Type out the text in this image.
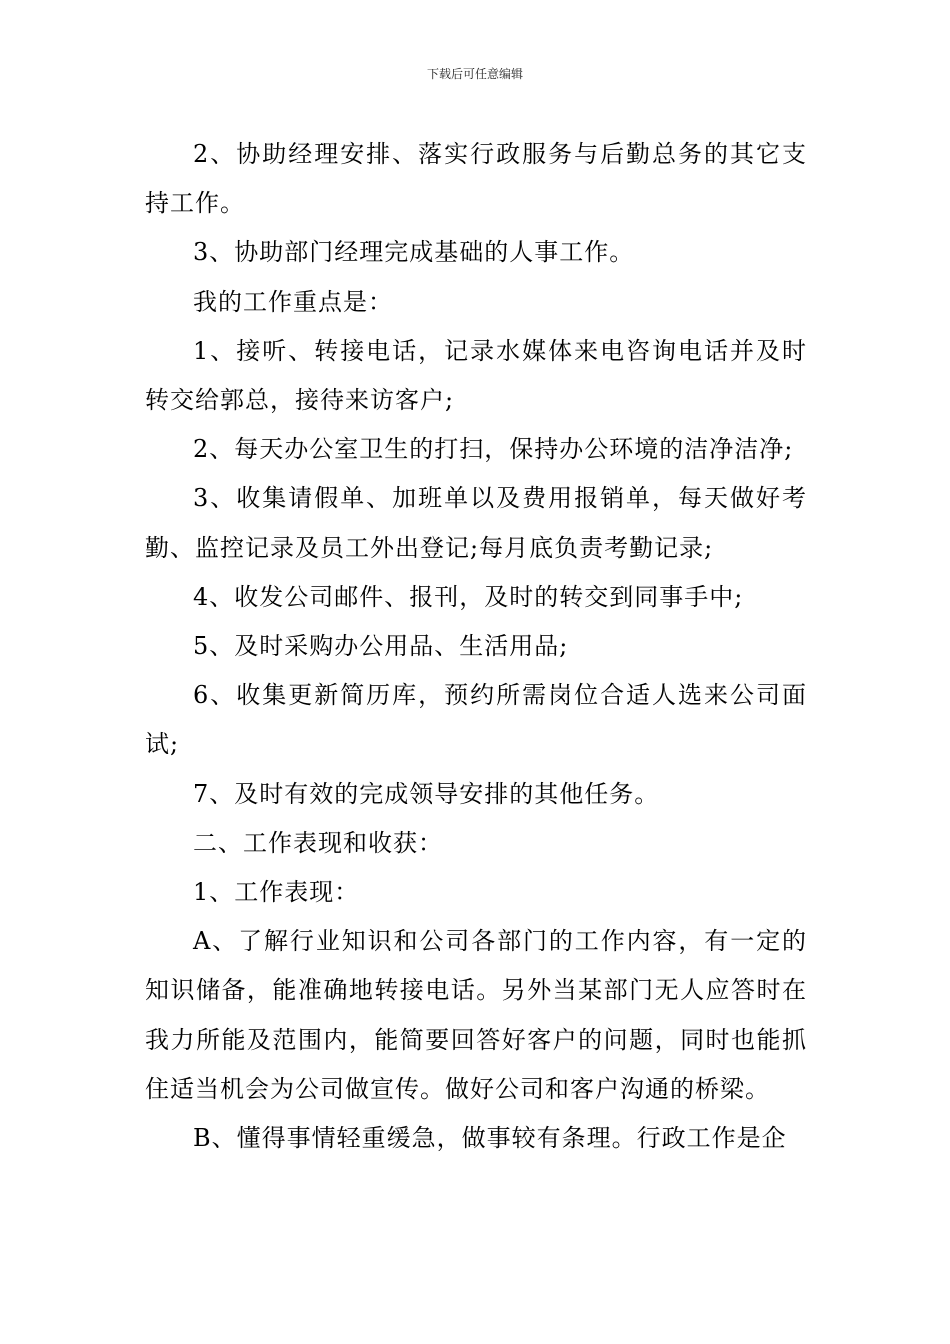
下载后可任意编辑

2、协助经理安排、落实行政服务与后勤总务的其它支持工作。

3、协助部门经理完成基础的人事工作。

我的工作重点是：

1、接听、转接电话，记录水媒体来电咨询电话并及时转交给郭总，接待来访客户;

2、每天办公室卫生的打扫，保持办公环境的洁净洁净;

3、收集请假单、加班单以及费用报销单，每天做好考勤、监控记录及员工外出登记;每月底负责考勤记录;

4、收发公司邮件、报刊，及时的转交到同事手中;

5、及时采购办公用品、生活用品;

6、收集更新简历库，预约所需岗位合适人选来公司面试;

7、及时有效的完成领导安排的其他任务。

二、工作表现和收获：

1、工作表现：

A、了解行业知识和公司各部门的工作内容，有一定的知识储备，能准确地转接电话。另外当某部门无人应答时在我力所能及范围内，能简要回答好客户的问题，同时也能抓住适当机会为公司做宣传。做好公司和客户沟通的桥梁。

B、懂得事情轻重缓急，做事较有条理。行政工作是企
